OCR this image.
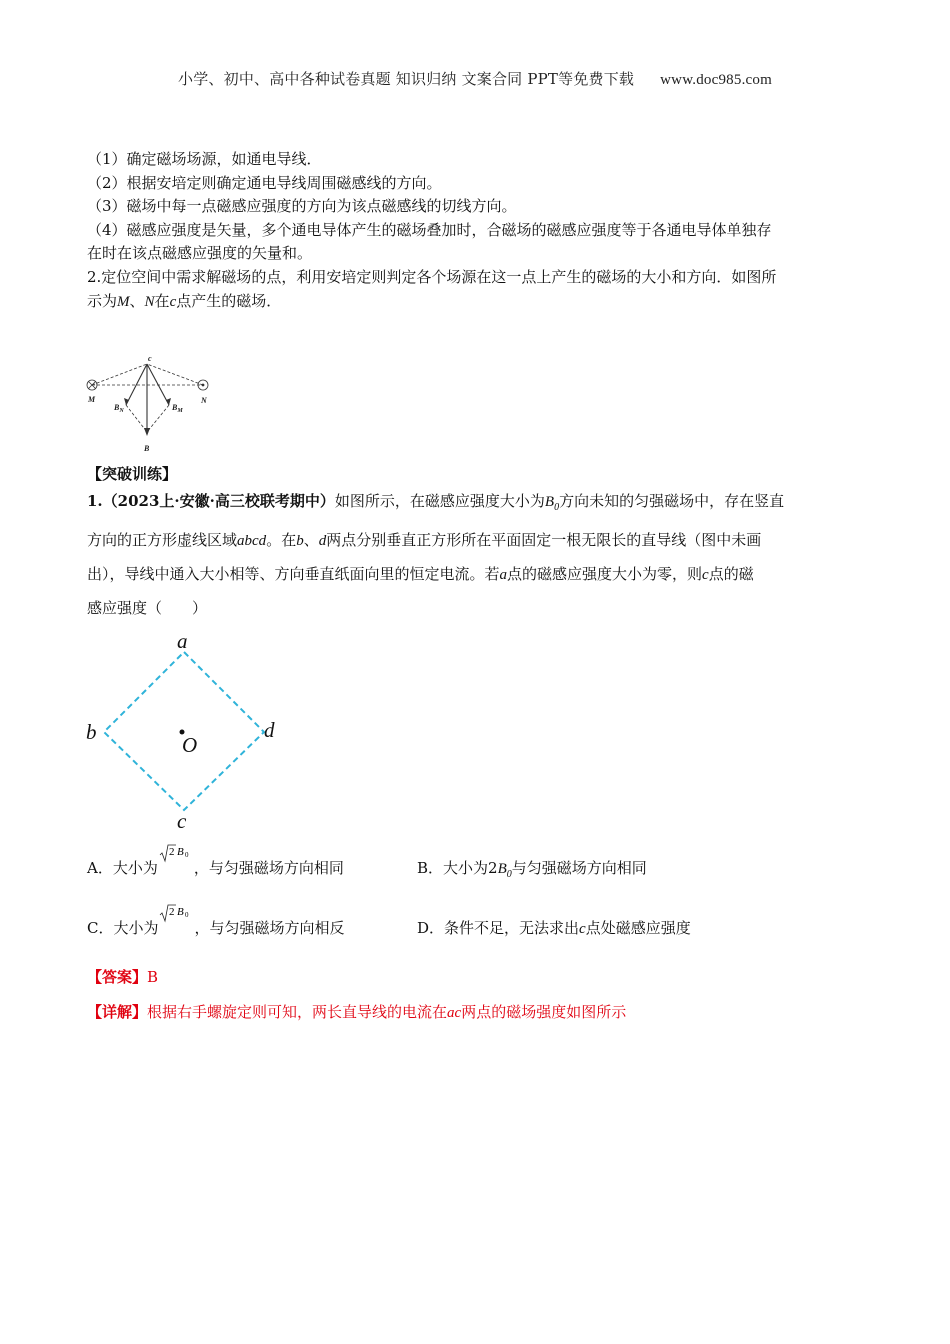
小学、初中、高中各种试卷真题 知识归纳 文案合同 PPT等免费下载 www.doc985.com

（1）确定磁场场源，如通电导线．

（2）根据安培定则确定通电导线周围磁感线的方向。

（3）磁场中每一点磁感应强度的方向为该点磁感线的切线方向。

（4）磁感应强度是矢量，多个通电导体产生的磁场叠加时，合磁场的磁感应强度等于各通电导体单独存

在时在该点磁感应强度的矢量和。

2.定位空间中需求解磁场的点，利用安培定则判定各个场源在这一点上产生的磁场的大小和方向．如图所

示为M、N在c点产生的磁场．

c
M	N
$B_N$	$B_M$
B
【突破训练】

1.（2023上·安徽·高三校联考期中）如图所示，在磁感应强度大小为$B_0$方向未知的匀强磁场中，存在竖直

方向的正方形虚线区域abcd。在b、d两点分别垂直正方形所在平面固定一根无限长的直导线（图中未画

出），导线中通入大小相等、方向垂直纸面向里的恒定电流。若a点的磁感应强度大小为零，则c点的磁

感应强度（　　）

a
b
c
d
O
A．大小为
2 B 0
，与匀强磁场方向相同	B．大小为$2B_0$与匀强磁场方向相同
C．大小为
2 B 0
，与匀强磁场方向相反	D．条件不足，无法求出c点处磁感应强度
【答案】B
【详解】根据右手螺旋定则可知，两长直导线的电流在ac两点的磁场强度如图所示
